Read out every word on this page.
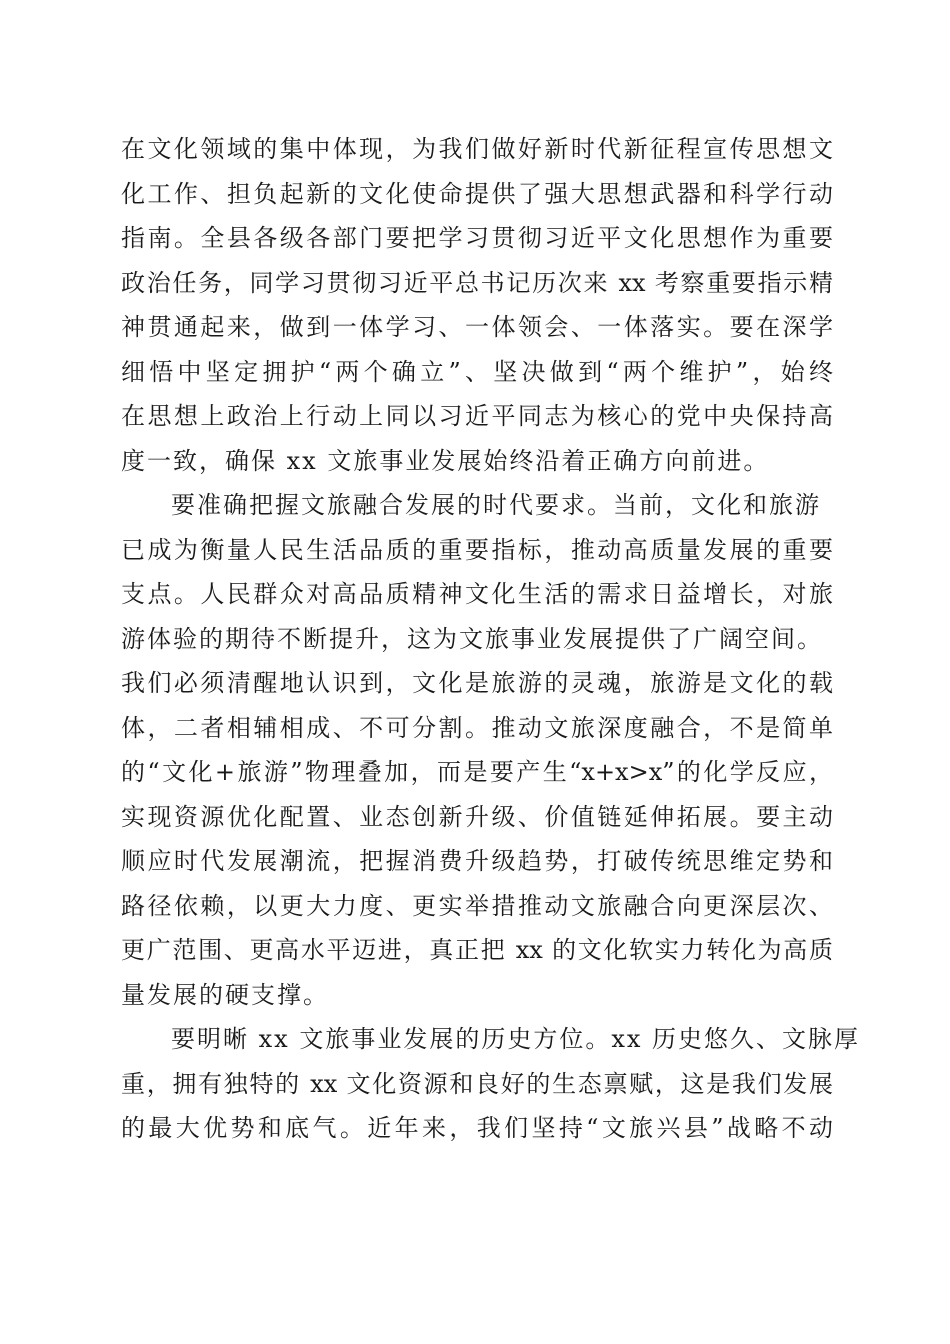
在文化领域的集中体现，为我们做好新时代新征程宣传思想文
化工作、担负起新的文化使命提供了强大思想武器和科学行动
指南。全县各级各部门要把学习贯彻习近平文化思想作为重要
政治任务，同学习贯彻习近平总书记历次来 xx 考察重要指示精
神贯通起来，做到一体学习、一体领会、一体落实。要在深学
细悟中坚定拥护“两个确立”、坚决做到“两个维护”，始终
在思想上政治上行动上同以习近平同志为核心的党中央保持高
度一致，确保 xx 文旅事业发展始终沿着正确方向前进。
要准确把握文旅融合发展的时代要求。当前，文化和旅游
已成为衡量人民生活品质的重要指标，推动高质量发展的重要
支点。人民群众对高品质精神文化生活的需求日益增长，对旅
游体验的期待不断提升，这为文旅事业发展提供了广阔空间。
我们必须清醒地认识到，文化是旅游的灵魂，旅游是文化的载
体，二者相辅相成、不可分割。推动文旅深度融合，不是简单
的“文化+旅游”物理叠加，而是要产生“x+x>x”的化学反应，
实现资源优化配置、业态创新升级、价值链延伸拓展。要主动
顺应时代发展潮流，把握消费升级趋势，打破传统思维定势和
路径依赖，以更大力度、更实举措推动文旅融合向更深层次、
更广范围、更高水平迈进，真正把 xx 的文化软实力转化为高质
量发展的硬支撑。
要明晰 xx 文旅事业发展的历史方位。xx 历史悠久、文脉厚
重，拥有独特的 xx 文化资源和良好的生态禀赋，这是我们发展
的最大优势和底气。近年来，我们坚持“文旅兴县”战略不动
